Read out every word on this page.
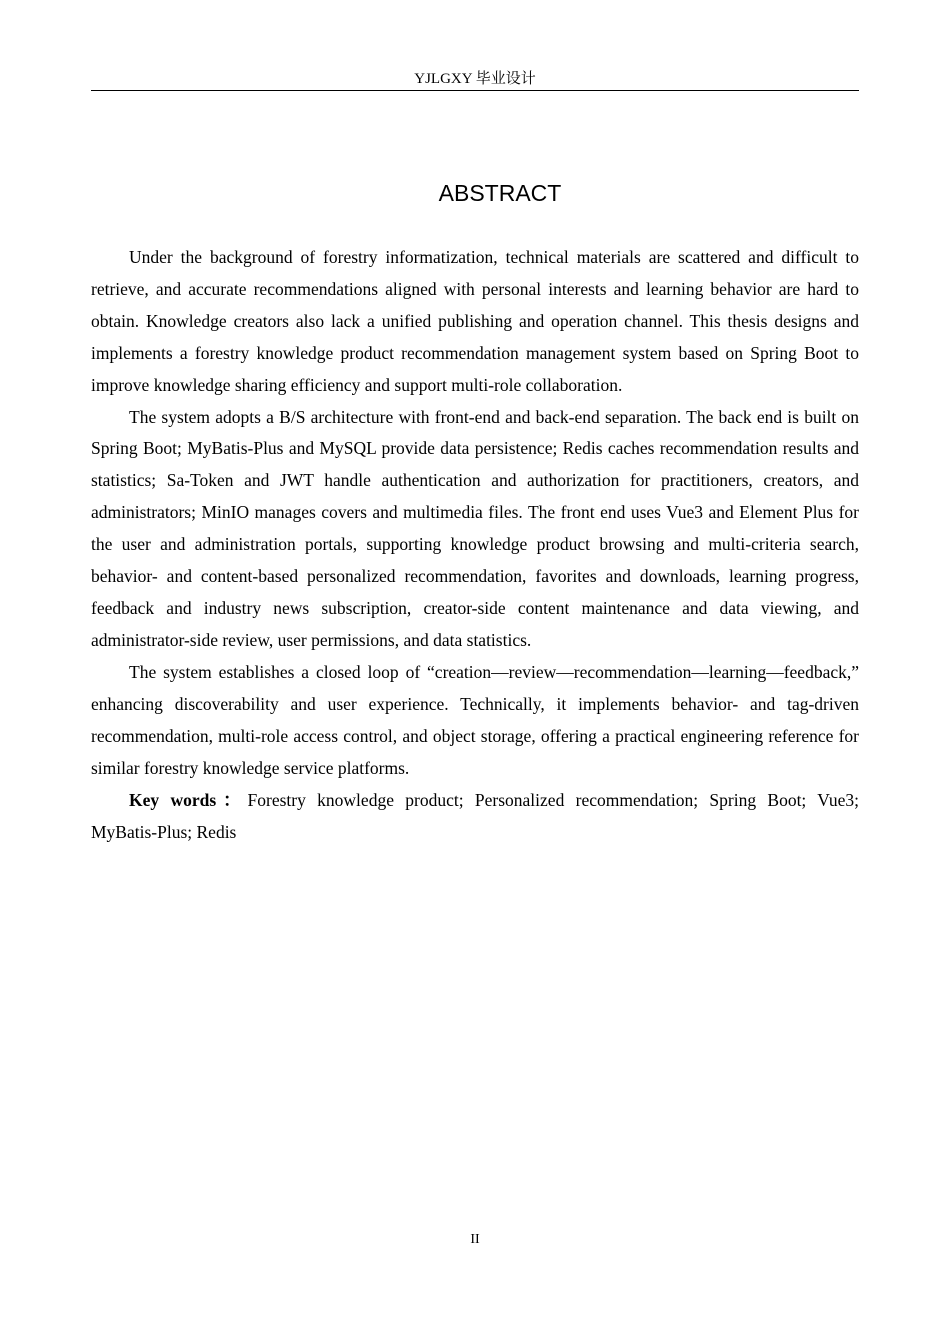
YJLGXY 毕业设计
ABSTRACT

Under the background of forestry informatization, technical materials are scattered and difficult to retrieve, and accurate recommendations aligned with personal interests and learning behavior are hard to obtain. Knowledge creators also lack a unified publishing and operation channel. This thesis designs and implements a forestry knowledge product recommendation management system based on Spring Boot to improve knowledge sharing efficiency and support multi-role collaboration.

The system adopts a B/S architecture with front-end and back-end separation. The back end is built on Spring Boot; MyBatis-Plus and MySQL provide data persistence; Redis caches recommendation results and statistics; Sa-Token and JWT handle authentication and authorization for practitioners, creators, and administrators; MinIO manages covers and multimedia files. The front end uses Vue3 and Element Plus for the user and administration portals, supporting knowledge product browsing and multi-criteria search, behavior- and content-based personalized recommendation, favorites and downloads, learning progress, feedback and industry news subscription, creator-side content maintenance and data viewing, and administrator-side review, user permissions, and data statistics.

The system establishes a closed loop of “creation—review—recommendation—learning—feedback,” enhancing discoverability and user experience. Technically, it implements behavior- and tag-driven recommendation, multi-role access control, and object storage, offering a practical engineering reference for similar forestry knowledge service platforms.

Key words：Forestry knowledge product; Personalized recommendation; Spring Boot; Vue3; MyBatis-Plus; Redis

II
